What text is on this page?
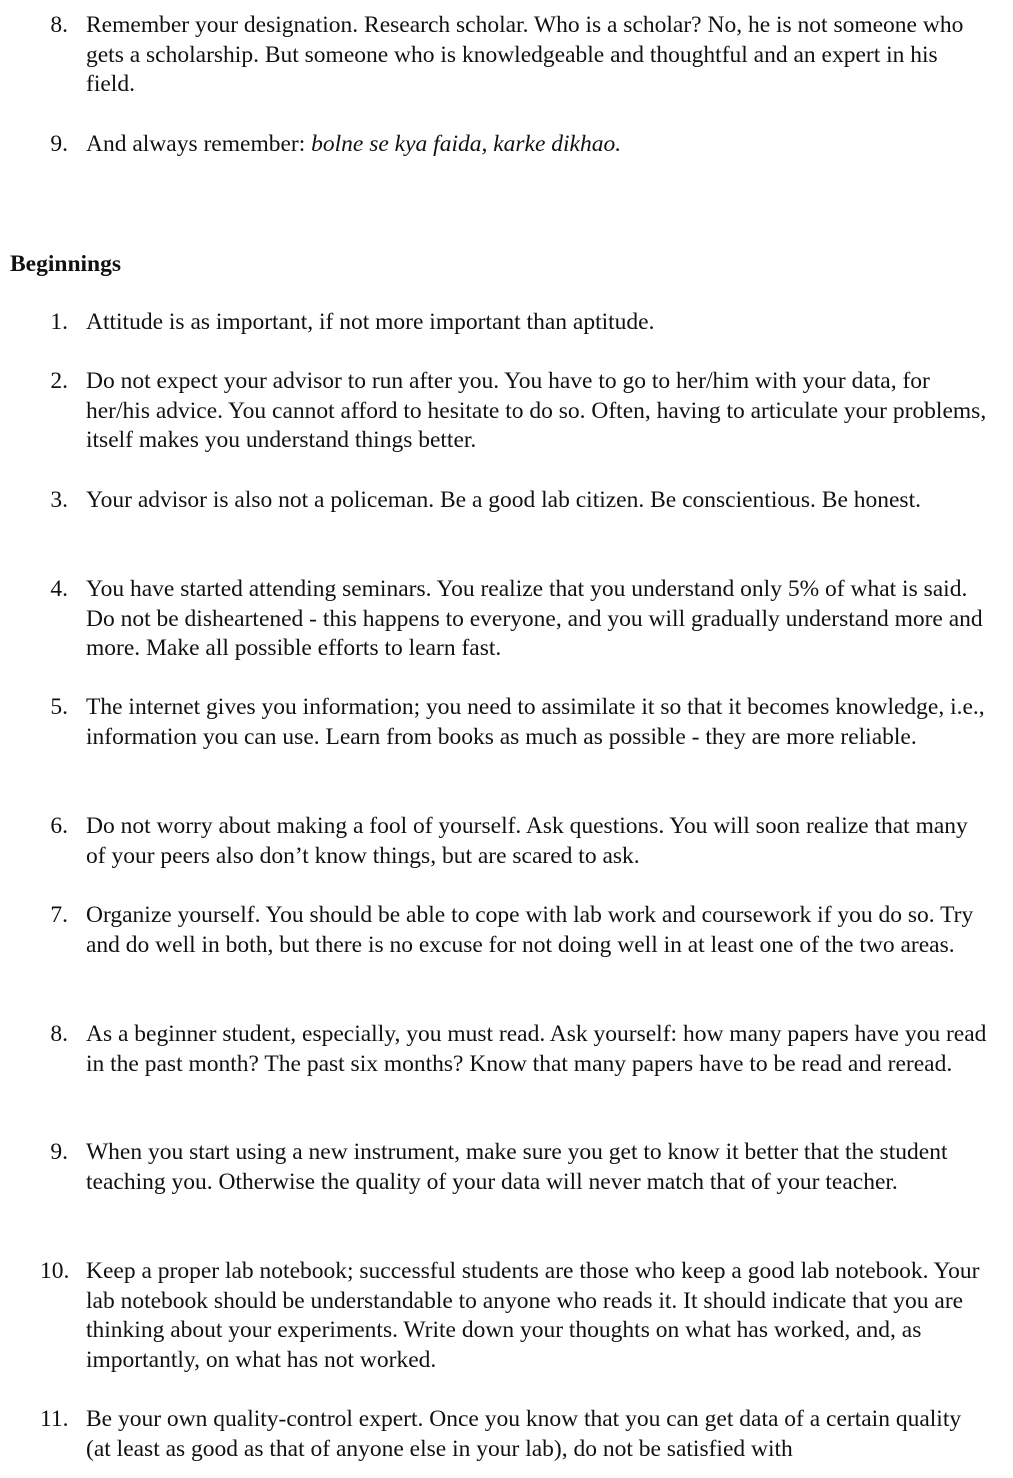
8. Remember your designation. Research scholar. Who is a scholar? No, he is not someone who gets a scholarship. But someone who is knowledgeable and thoughtful and an expert in his field.
9. And always remember: bolne se kya faida, karke dikhao.
Beginnings
1. Attitude is as important, if not more important than aptitude.
2. Do not expect your advisor to run after you. You have to go to her/him with your data, for her/his advice. You cannot afford to hesitate to do so. Often, having to articulate your problems, itself makes you understand things better.
3. Your advisor is also not a policeman. Be a good lab citizen. Be conscientious. Be honest.
4. You have started attending seminars. You realize that you understand only 5% of what is said. Do not be disheartened - this happens to everyone, and you will gradually understand more and more. Make all possible efforts to learn fast.
5. The internet gives you information; you need to assimilate it so that it becomes knowledge, i.e., information you can use. Learn from books as much as possible - they are more reliable.
6. Do not worry about making a fool of yourself. Ask questions. You will soon realize that many of your peers also don’t know things, but are scared to ask.
7. Organize yourself. You should be able to cope with lab work and coursework if you do so. Try and do well in both, but there is no excuse for not doing well in at least one of the two areas.
8. As a beginner student, especially, you must read. Ask yourself: how many papers have you read in the past month? The past six months? Know that many papers have to be read and reread.
9. When you start using a new instrument, make sure you get to know it better that the student teaching you. Otherwise the quality of your data will never match that of your teacher.
10. Keep a proper lab notebook; successful students are those who keep a good lab notebook. Your lab notebook should be understandable to anyone who reads it. It should indicate that you are thinking about your experiments. Write down your thoughts on what has worked, and, as importantly, on what has not worked.
11. Be your own quality-control expert. Once you know that you can get data of a certain quality (at least as good as that of anyone else in your lab), do not be satisfied with
